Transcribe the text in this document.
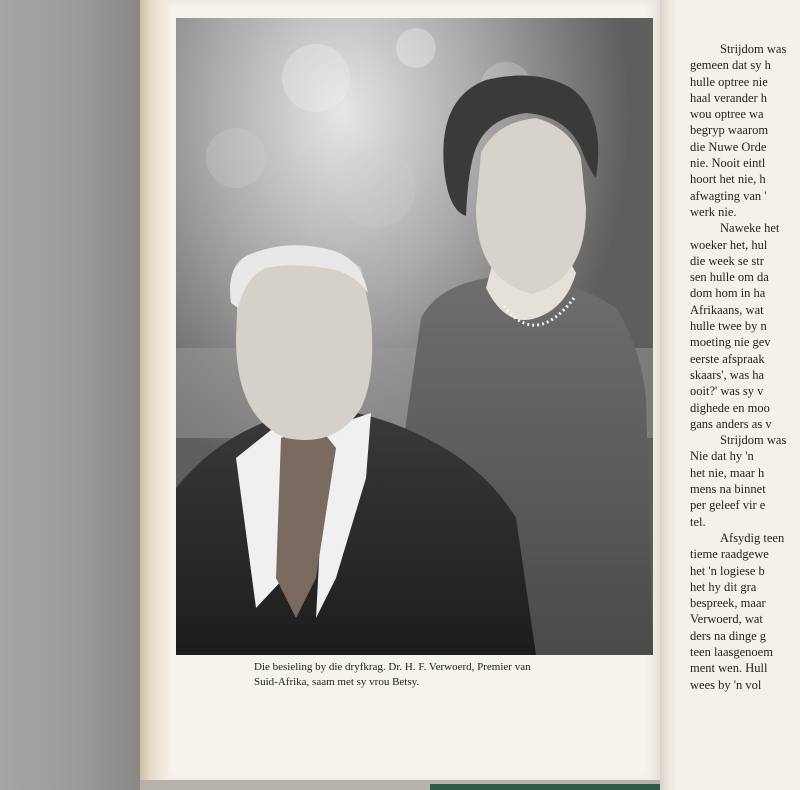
Die besieling by die dryfkrag. Dr. H. F. Verwoerd, Premier van
Suid-Afrika, saam met sy vrou Betsy.
Strijdom was
gemeen dat sy h
hulle optree nie
haal verander h
wou optree wa
begryp waarom
die Nuwe Orde
nie. Nooit eintl
hoort het nie, h
afwagting van '
werk nie.
Naweke het
woeker het, hul
die week se str
sen hulle om da
dom hom in ha
Afrikaans, wat
hulle twee by n
moeting nie gev
eerste afspraak
skaars', was ha
ooit?' was sy v
dighede en moo
gans anders as v
Strijdom was
Nie dat hy 'n
het nie, maar h
mens na binnet
per geleef vir e
tel.
Afsydig teen
tieme raadgewe
het 'n logiese b
het hy dit gra
bespreek, maar
Verwoerd, wat
ders na dinge g
teen laasgenoem
ment wen. Hull
wees by 'n vol
